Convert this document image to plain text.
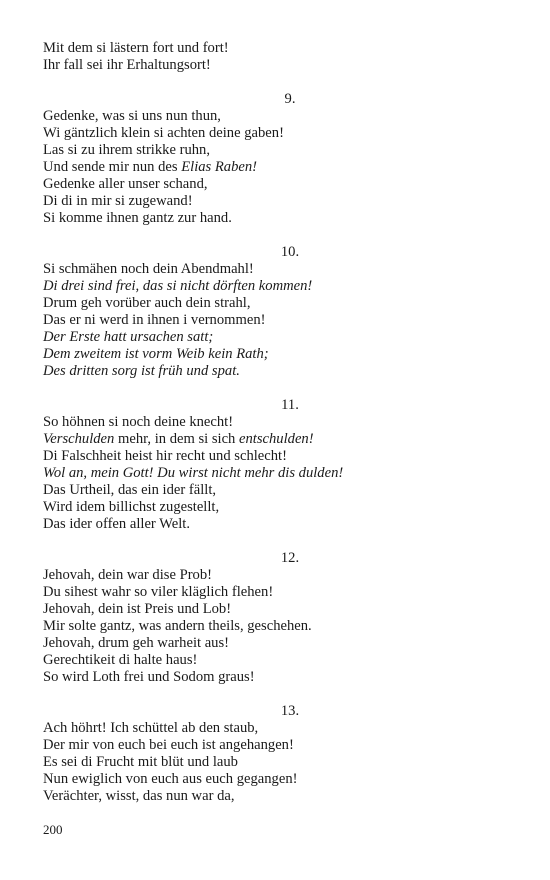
Mit dem si lästern fort und fort!
Ihr fall sei ihr Erhaltungsort!
9.
Gedenke, was si uns nun thun,
Wi gäntzlich klein si achten deine gaben!
Las si zu ihrem strikke ruhn,
Und sende mir nun des Elias Raben!
Gedenke aller unser schand,
Di di in mir si zugewand!
Si komme ihnen gantz zur hand.
10.
Si schmähen noch dein Abendmahl!
Di drei sind frei, das si nicht dörften kommen!
Drum geh vorüber auch dein strahl,
Das er ni werd in ihnen i vernommen!
Der Erste hatt ursachen satt;
Dem zweitem ist vorm Weib kein Rath;
Des dritten sorg ist früh und spat.
11.
So höhnen si noch deine knecht!
Verschulden mehr, in dem si sich entschulden!
Di Falschheit heist hir recht und schlecht!
Wol an, mein Gott! Du wirst nicht mehr dis dulden!
Das Urtheil, das ein ider fällt,
Wird idem billichst zugestellt,
Das ider offen aller Welt.
12.
Jehovah, dein war dise Prob!
Du sihest wahr so viler kläglich flehen!
Jehovah, dein ist Preis und Lob!
Mir solte gantz, was andern theils, geschehen.
Jehovah, drum geh warheit aus!
Gerechtikeit di halte haus!
So wird Loth frei und Sodom graus!
13.
Ach höhrt! Ich schüttel ab den staub,
Der mir von euch bei euch ist angehangen!
Es sei di Frucht mit blüt und laub
Nun ewiglich von euch aus euch gegangen!
Verächter, wisst, das nun war da,
200
